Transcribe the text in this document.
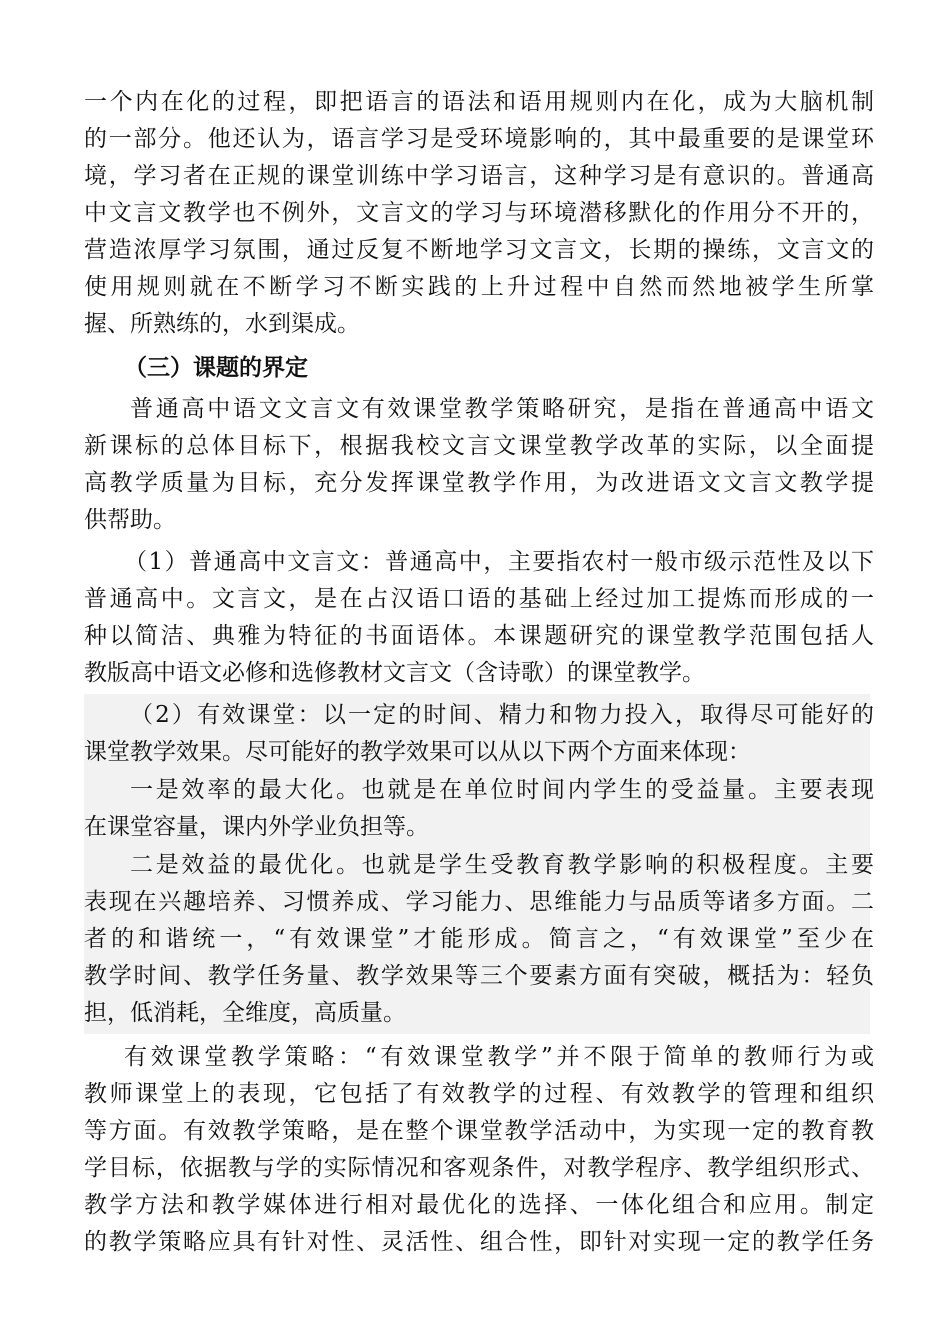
一个内在化的过程，即把语言的语法和语用规则内在化，成为大脑机制
的一部分。他还认为，语言学习是受环境影响的，其中最重要的是课堂环
境，学习者在正规的课堂训练中学习语言，这种学习是有意识的。普通高
中文言文教学也不例外，文言文的学习与环境潜移默化的作用分不开的，
营造浓厚学习氛围，通过反复不断地学习文言文，长期的操练，文言文的
使用规则就在不断学习不断实践的上升过程中自然而然地被学生所掌
握、所熟练的，水到渠成。
（三）课题的界定
普通高中语文文言文有效课堂教学策略研究，是指在普通高中语文
新课标的总体目标下，根据我校文言文课堂教学改革的实际，以全面提
高教学质量为目标，充分发挥课堂教学作用，为改进语文文言文教学提
供帮助。
（1）普通高中文言文：普通高中，主要指农村一般市级示范性及以下
普通高中。文言文，是在占汉语口语的基础上经过加工提炼而形成的一
种以简洁、典雅为特征的书面语体。本课题研究的课堂教学范围包括人
教版高中语文必修和选修教材文言文（含诗歌）的课堂教学。
（2）有效课堂：以一定的时间、精力和物力投入，取得尽可能好的
课堂教学效果。尽可能好的教学效果可以从以下两个方面来体现：
一是效率的最大化。也就是在单位时间内学生的受益量。主要表现
在课堂容量，课内外学业负担等。
二是效益的最优化。也就是学生受教育教学影响的积极程度。主要
表现在兴趣培养、习惯养成、学习能力、思维能力与品质等诸多方面。二
者的和谐统一，“有效课堂”才能形成。简言之，“有效课堂”至少在
教学时间、教学任务量、教学效果等三个要素方面有突破，概括为：轻负
担，低消耗，全维度，高质量。
有效课堂教学策略：“有效课堂教学”并不限于简单的教师行为或
教师课堂上的表现，它包括了有效教学的过程、有效教学的管理和组织
等方面。有效教学策略，是在整个课堂教学活动中，为实现一定的教育教
学目标，依据教与学的实际情况和客观条件，对教学程序、教学组织形式、
教学方法和教学媒体进行相对最优化的选择、一体化组合和应用。制定
的教学策略应具有针对性、灵活性、组合性，即针对实现一定的教学任务
